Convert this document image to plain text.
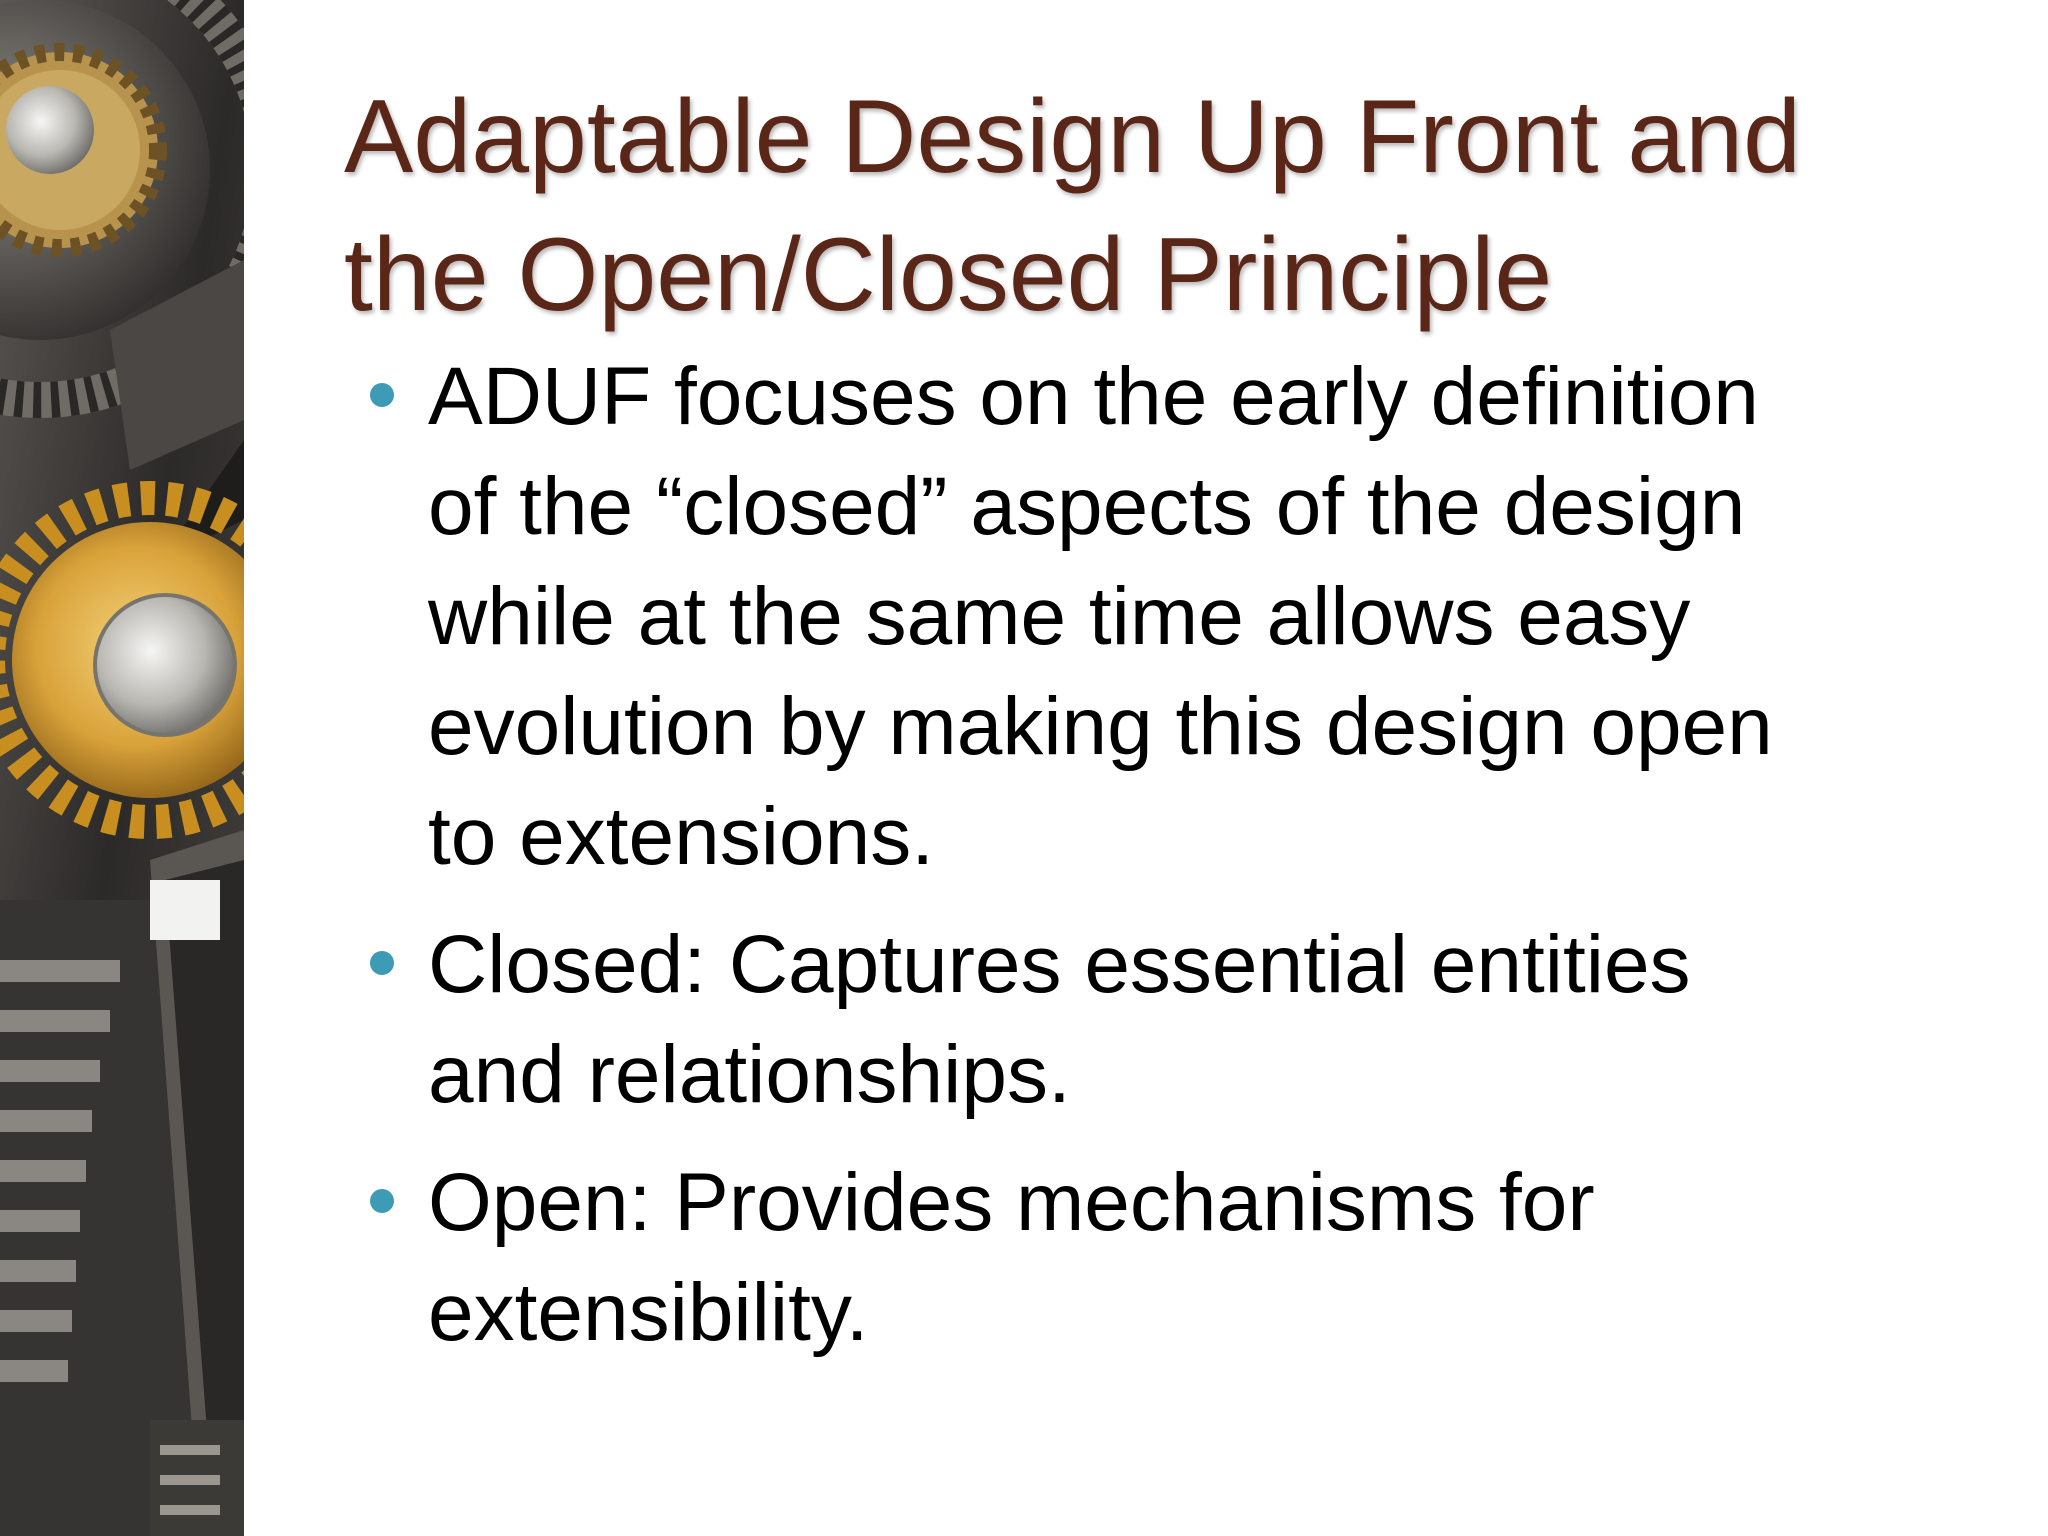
Adaptable Design Up Front and
the Open/Closed Principle
ADUF focuses on the early definition
of the “closed” aspects of the design
while at the same time allows easy
evolution by making this design open
to extensions.
Closed: Captures essential entities
and relationships.
Open: Provides mechanisms for
extensibility.
